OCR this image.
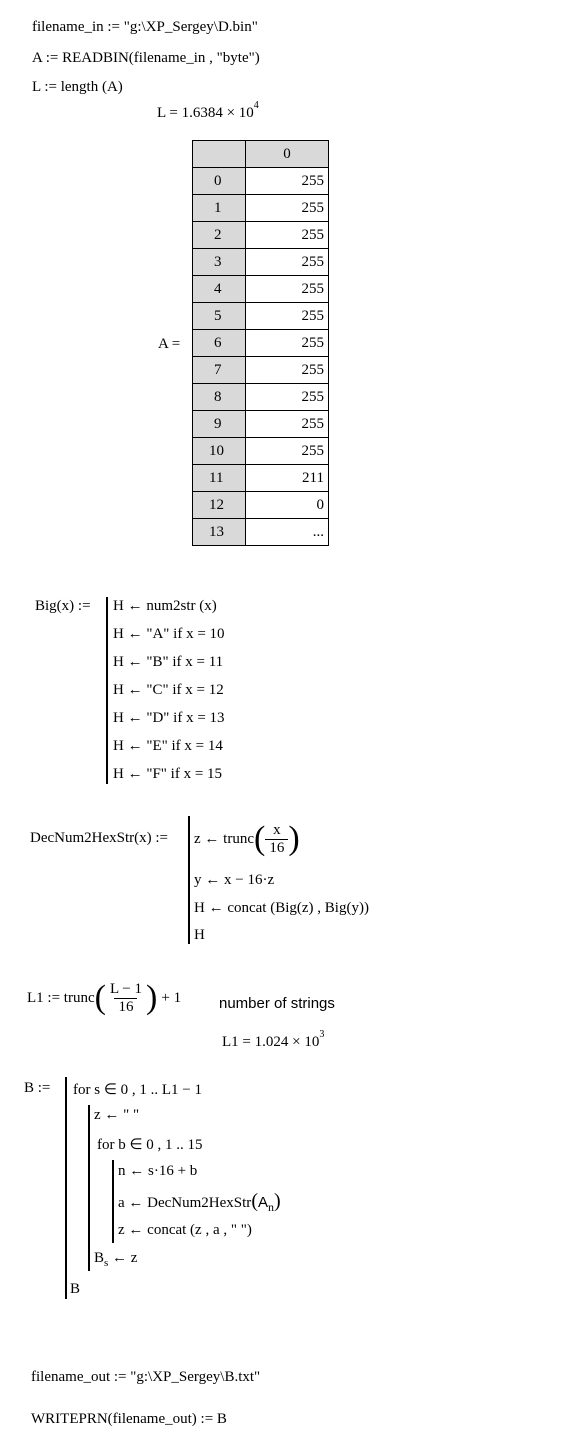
filename_in := "g:\XP_Sergey\D.bin"
A := READBIN(filename_in , "byte")
L := length (A)
$L = 1.6384 \times 10^4$
A =
	0
0	255
1	255
2	255
3	255
4	255
5	255
6	255
7	255
8	255
9	255
10	255
11	211
12	0
13	...
Big(x) := H ← num2str (x)
H ← "A" if x = 10
H ← "B" if x = 11
H ← "C" if x = 12
H ← "D" if x = 13
H ← "E" if x = 14
H ← "F" if x = 15
DecNum2HexStr(x) := z ← trunc ( $\frac{x}{16}$ )
y ← x − 16·z
H ← concat (Big(z) , Big(y))
H
L1 := trunc ( $\frac{L - 1}{16}$ ) + 1	number of strings
$L1 = 1.024 \times 10^3$
B := for s ∈ 0 , 1 .. L1 − 1
z ← " "
for b ∈ 0 , 1 .. 15
n ← s·16 + b
a ← $DecNum2HexStr(A_n)$
z ← concat (z , a , " ")
$B_s$ ← z
B
filename_out := "g:\XP_Sergey\B.txt"
WRITEPRN(filename_out) := B
